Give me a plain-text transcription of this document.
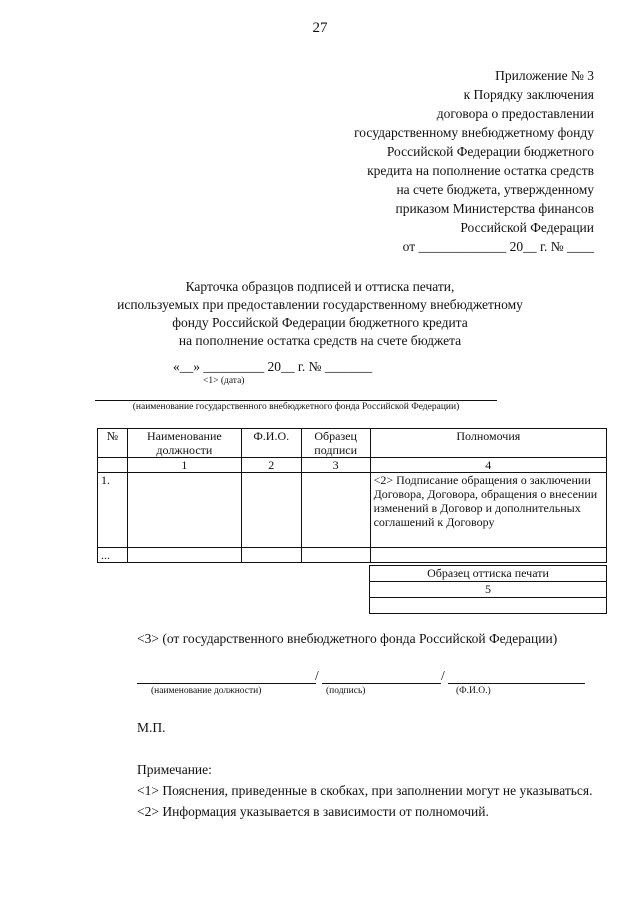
27
Приложение № 3
к Порядку заключения
договора о предоставлении
государственному внебюджетному фонду
Российской Федерации бюджетного
кредита на пополнение остатка средств
на счете бюджета, утвержденному
приказом Министерства финансов
Российской Федерации
от _____________ 20__ г. № ____
Карточка образцов подписей и оттиска печати,
используемых при предоставлении государственному внебюджетному
фонду Российской Федерации бюджетного кредита
на пополнение остатка средств на счете бюджета
«__» _________ 20__ г. № _______
<1> (дата)
(наименование государственного внебюджетного фонда Российской Федерации)
№	Наименование должности	Ф.И.О.	Образец подписи	Полномочия
	1	2	3	4
1.				<2> Подписание обращения о заключении Договора, Договора, обращения о внесении изменений в Договор и дополнительных соглашений к Договору
...				
Образец оттиска печати
5

<3> (от государственного внебюджетного фонда Российской Федерации)
/	/
(наименование должности)	(подпись)	(Ф.И.О.)
М.П.

Примечание:

<1> Пояснения, приведенные в скобках, при заполнении могут не указываться.

<2> Информация указывается в зависимости от полномочий.
